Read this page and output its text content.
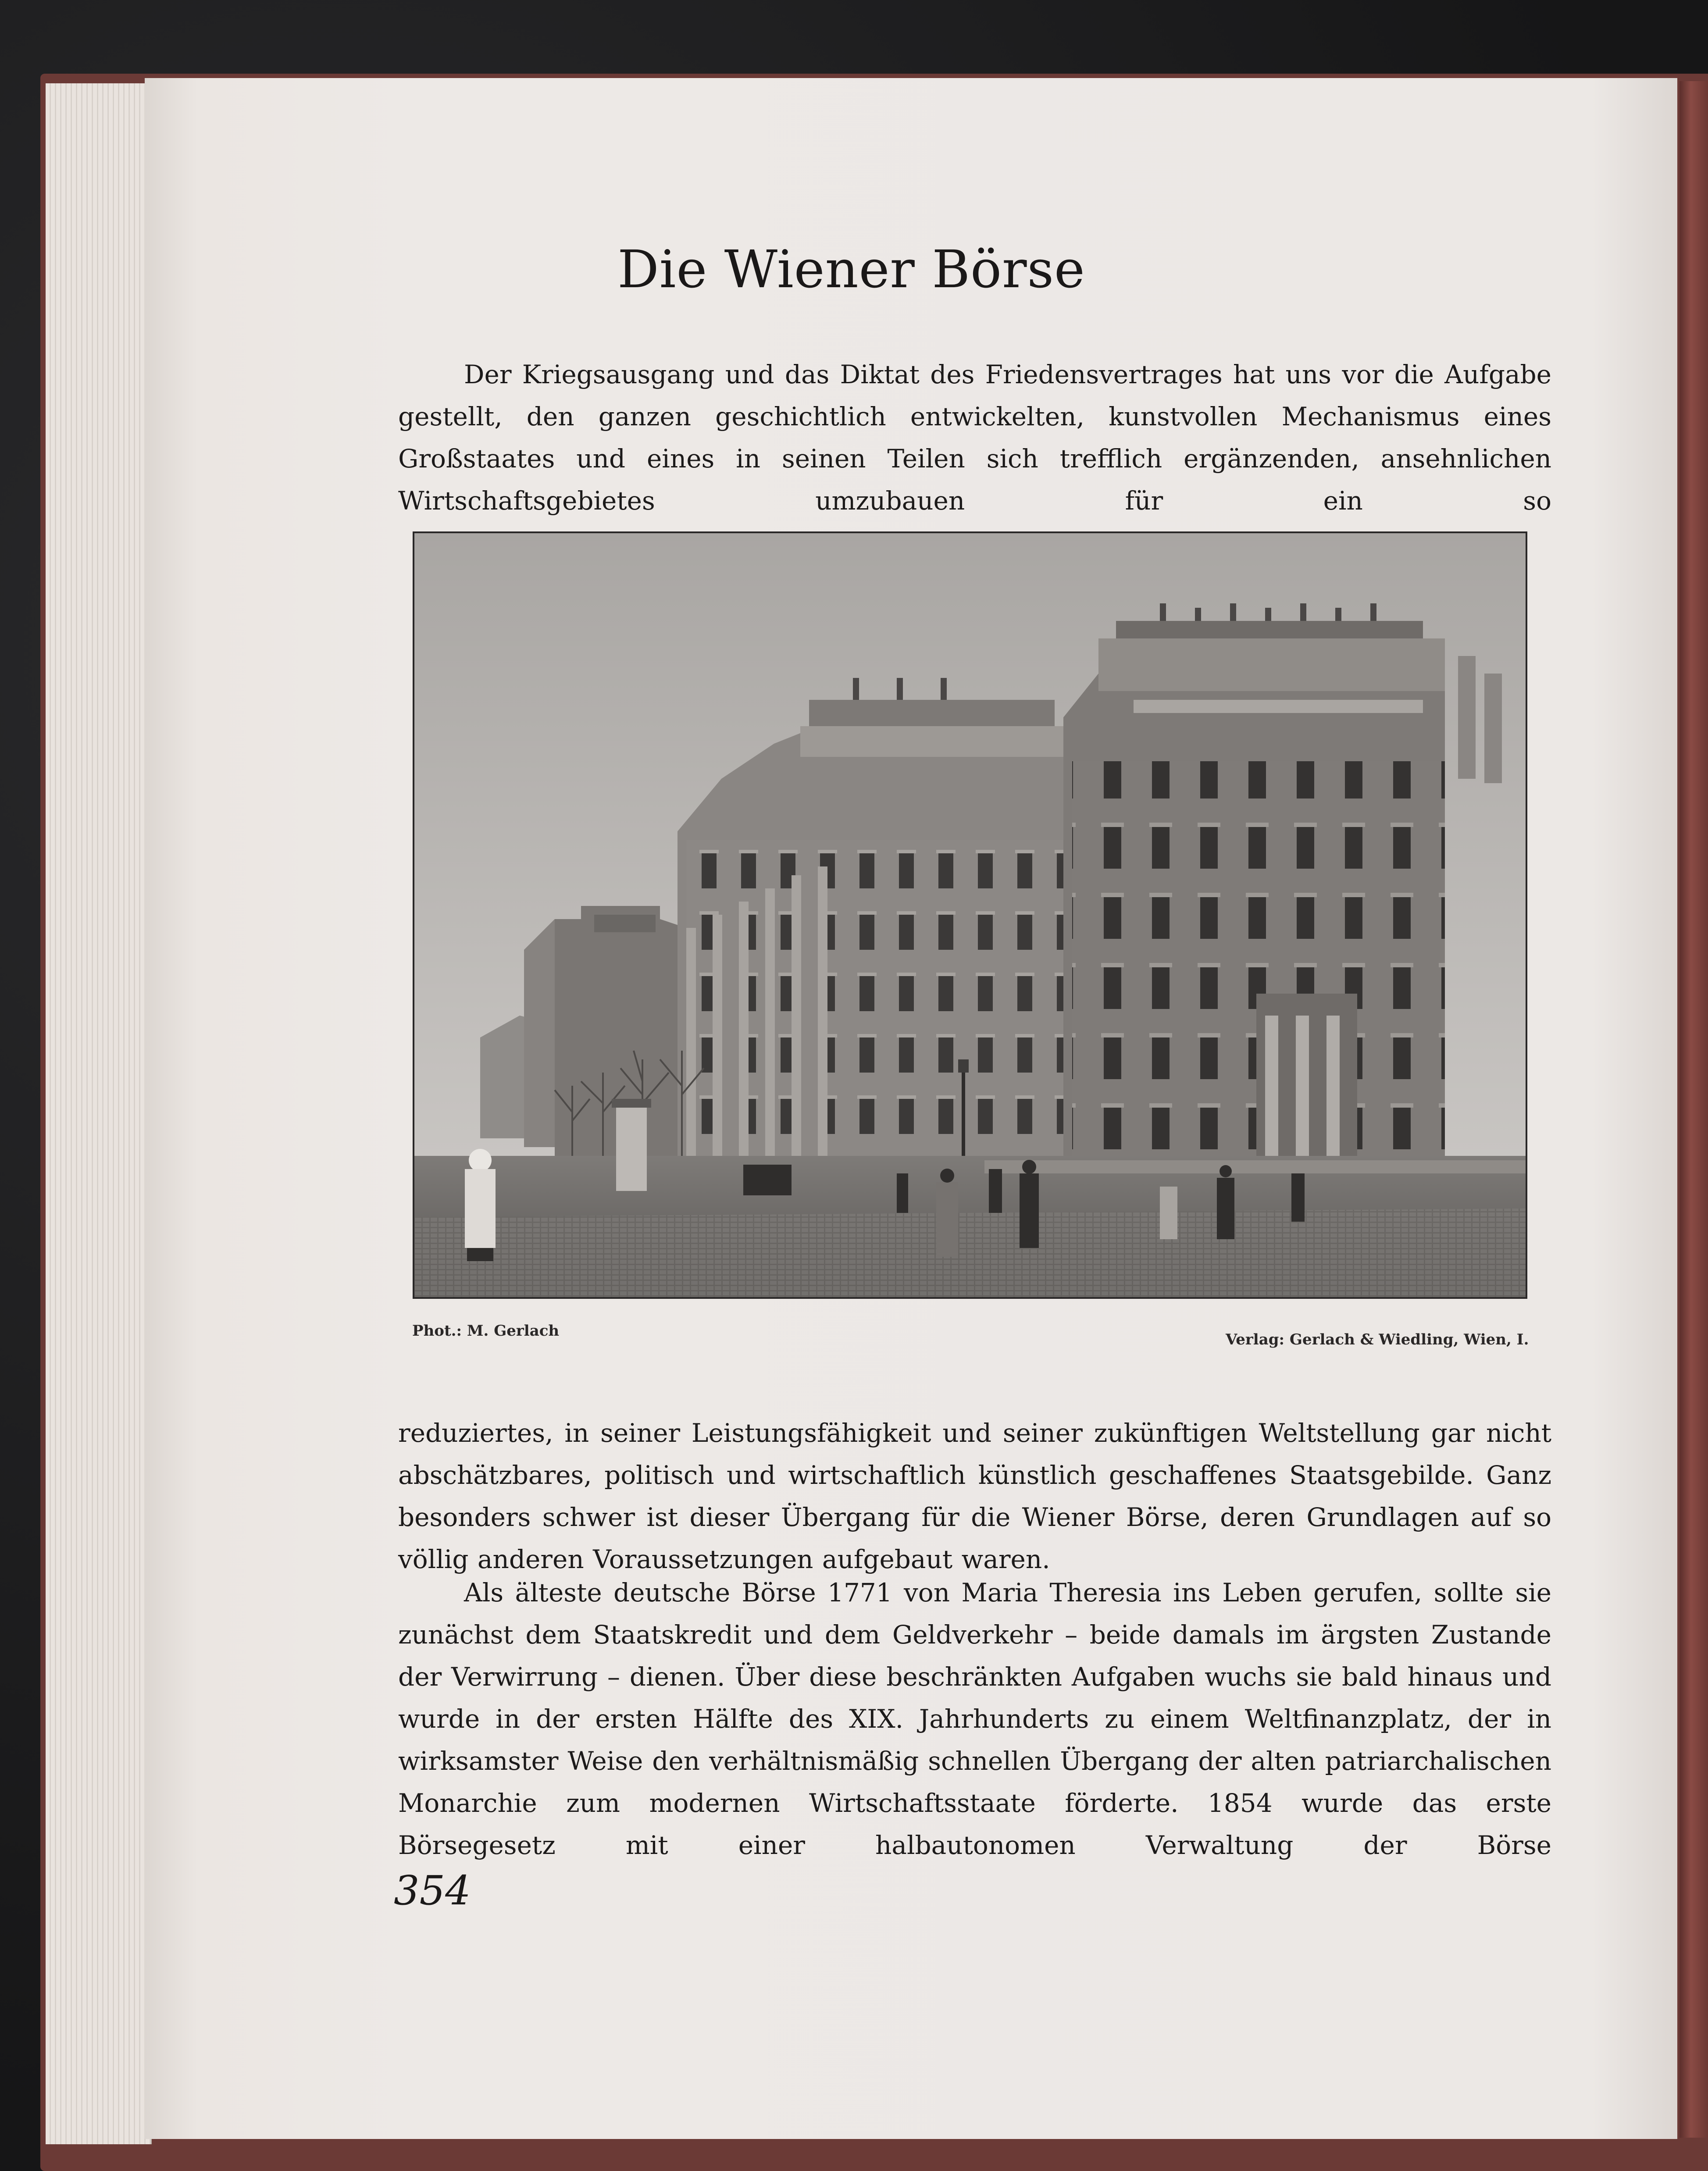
Die Wiener Börse

Der Kriegsausgang und das Diktat des Friedensvertrages hat uns vor die Aufgabe gestellt, den ganzen geschichtlich entwickelten, kunstvollen Mechanismus eines Großstaates und eines in seinen Teilen sich trefflich ergänzenden, ansehnlichen Wirtschaftsgebietes umzubauen für ein so

Phot.: M. Gerlach	Verlag: Gerlach & Wiedling, Wien, I.

reduziertes, in seiner Leistungsfähigkeit und seiner zukünftigen Weltstellung gar nicht abschätzbares, politisch und wirtschaftlich künstlich geschaffenes Staatsgebilde. Ganz besonders schwer ist dieser Übergang für die Wiener Börse, deren Grundlagen auf so völlig anderen Voraussetzungen aufgebaut waren.

Als älteste deutsche Börse 1771 von Maria Theresia ins Leben gerufen, sollte sie zunächst dem Staatskredit und dem Geldverkehr – beide damals im ärgsten Zustande der Verwirrung – dienen. Über diese beschränkten Aufgaben wuchs sie bald hinaus und wurde in der ersten Hälfte des XIX. Jahrhunderts zu einem Weltfinanzplatz, der in wirksamster Weise den verhältnismäßig schnellen Übergang der alten patriarchalischen Monarchie zum modernen Wirtschaftsstaate förderte. 1854 wurde das erste Börsegesetz mit einer halbautonomen Verwaltung der Börse

354
